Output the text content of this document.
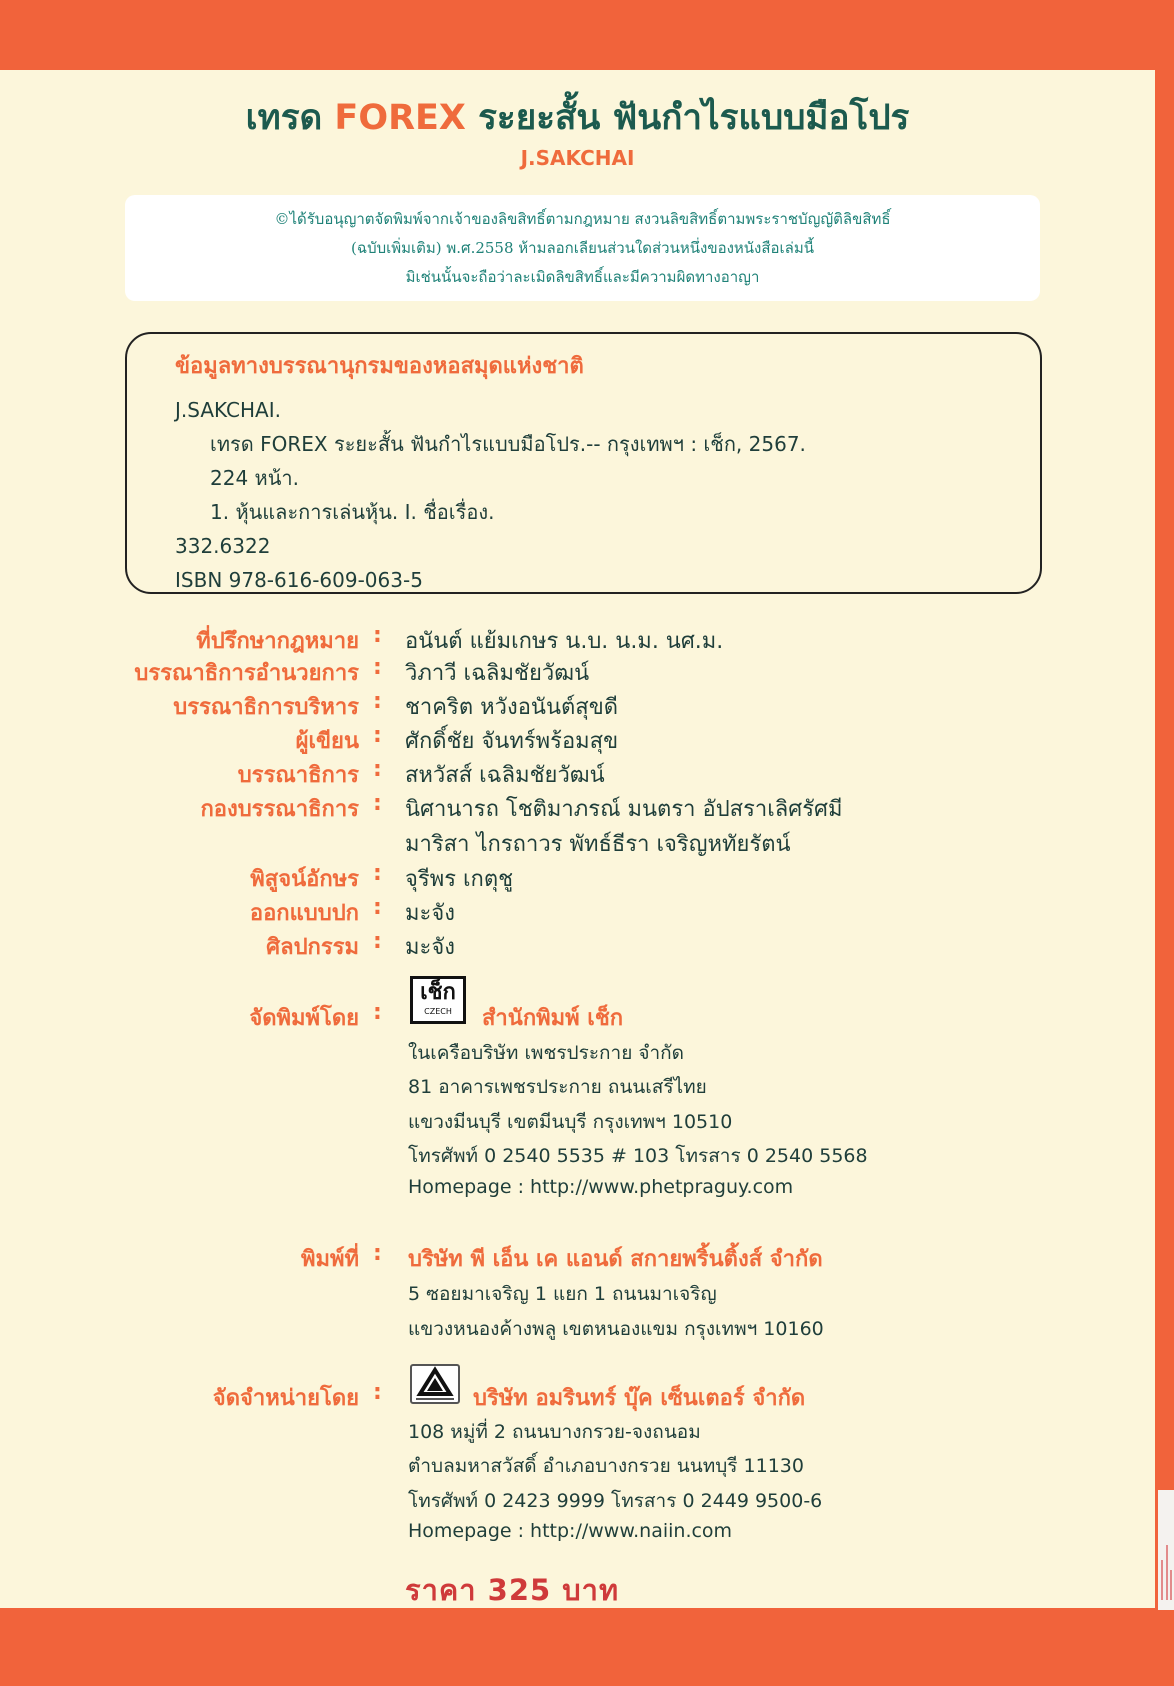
เทรด FOREX ระยะสั้น ฟันกำไรแบบมือโปร
J.SAKCHAI
©ได้รับอนุญาตจัดพิมพ์จากเจ้าของลิขสิทธิ์ตามกฎหมาย สงวนลิขสิทธิ์ตามพระราชบัญญัติลิขสิทธิ์
(ฉบับเพิ่มเติม) พ.ศ.2558 ห้ามลอกเลียนส่วนใดส่วนหนึ่งของหนังสือเล่มนี้
มิเช่นนั้นจะถือว่าละเมิดลิขสิทธิ์และมีความผิดทางอาญา
ข้อมูลทางบรรณานุกรมของหอสมุดแห่งชาติ
J.SAKCHAI.
เทรด FOREX ระยะสั้น ฟันกำไรแบบมือโปร.-- กรุงเทพฯ : เช็ก, 2567.
224 หน้า.
1. หุ้นและการเล่นหุ้น. I. ชื่อเรื่อง.
332.6322
ISBN 978-616-609-063-5
ที่ปรึกษากฎหมาย : อนันต์ แย้มเกษร น.บ. น.ม. นศ.ม.
บรรณาธิการอำนวยการ : วิภาวี เฉลิมชัยวัฒน์
บรรณาธิการบริหาร : ชาคริต หวังอนันต์สุขดี
ผู้เขียน : ศักดิ์ชัย จันทร์พร้อมสุข
บรรณาธิการ : สหวัสส์ เฉลิมชัยวัฒน์
กองบรรณาธิการ : นิศานารถ โชติมาภรณ์ มนตรา อัปสราเลิศรัศมี
มาริสา ไกรถาวร พัทธ์ธีรา เจริญหทัยรัตน์
พิสูจน์อักษร : จุรีพร เกตุชู
ออกแบบปก : มะจัง
ศิลปกรรม : มะจัง
จัดพิมพ์โดย :	สำนักพิมพ์ เช็ก
เช็ก
CZECH
ในเครือบริษัท เพชรประกาย จำกัด
81 อาคารเพชรประกาย ถนนเสรีไทย
แขวงมีนบุรี เขตมีนบุรี กรุงเทพฯ 10510
โทรศัพท์ 0 2540 5535 # 103 โทรสาร 0 2540 5568
Homepage : http://www.phetpraguy.com
พิมพ์ที่ : บริษัท พี เอ็น เค แอนด์ สกายพริ้นติ้งส์ จำกัด
5 ซอยมาเจริญ 1 แยก 1 ถนนมาเจริญ
แขวงหนองค้างพลู เขตหนองแขม กรุงเทพฯ 10160
จัดจำหน่ายโดย :	บริษัท อมรินทร์ บุ๊ค เซ็นเตอร์ จำกัด
108 หมู่ที่ 2 ถนนบางกรวย-จงถนอม
ตำบลมหาสวัสดิ์ อำเภอบางกรวย นนทบุรี 11130
โทรศัพท์ 0 2423 9999 โทรสาร 0 2449 9500-6
Homepage : http://www.naiin.com
ราคา 325 บาท
